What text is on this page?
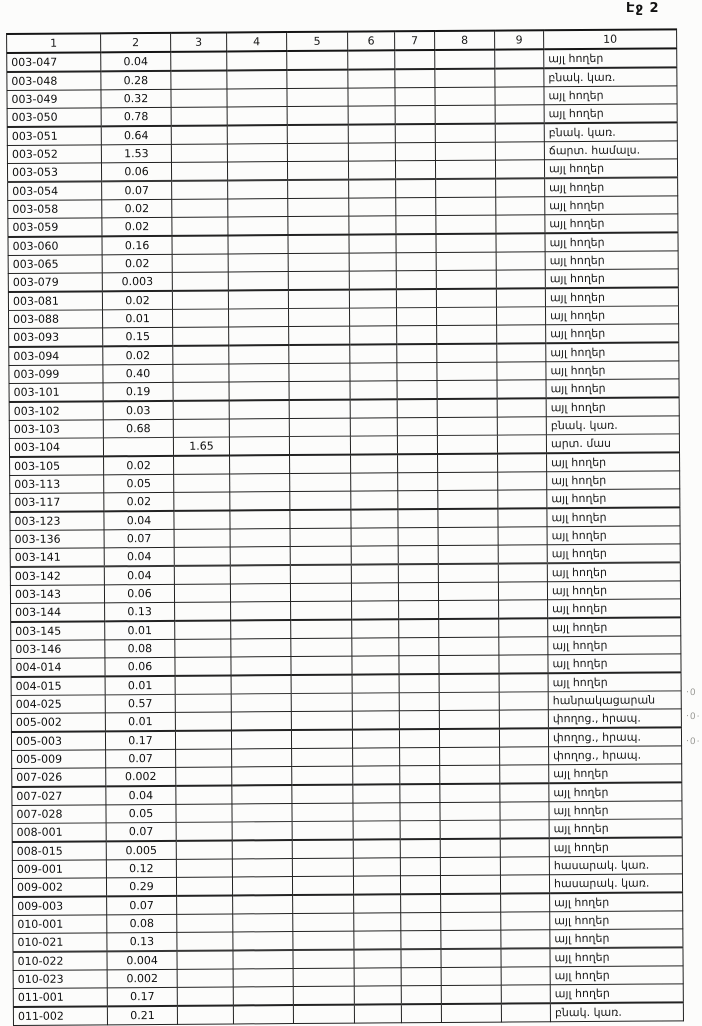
Էջ 2
1	2	3	4	5	6	7	8	9	10
003-047	0.04								այլ հողեր
003-048	0.28								բնակ. կառ.
003-049	0.32								այլ հողեր
003-050	0.78								այլ հողեր
003-051	0.64								բնակ. կառ.
003-052	1.53								ճարտ. համալս.
003-053	0.06								այլ հողեր
003-054	0.07								այլ հողեր
003-058	0.02								այլ հողեր
003-059	0.02								այլ հողեր
003-060	0.16								այլ հողեր
003-065	0.02								այլ հողեր
003-079	0.003								այլ հողեր
003-081	0.02								այլ հողեր
003-088	0.01								այլ հողեր
003-093	0.15								այլ հողեր
003-094	0.02								այլ հողեր
003-099	0.40								այլ հողեր
003-101	0.19								այլ հողեր
003-102	0.03								այլ հողեր
003-103	0.68								բնակ. կառ.
003-104		1.65							արտ. մաս
003-105	0.02								այլ հողեր
003-113	0.05								այլ հողեր
003-117	0.02								այլ հողեր
003-123	0.04								այլ հողեր
003-136	0.07								այլ հողեր
003-141	0.04								այլ հողեր
003-142	0.04								այլ հողեր
003-143	0.06								այլ հողեր
003-144	0.13								այլ հողեր
003-145	0.01								այլ հողեր
003-146	0.08								այլ հողեր
004-014	0.06								այլ հողեր
004-015	0.01								այլ հողեր
004-025	0.57								հանրակացարան
005-002	0.01								փողոց., հրապ.
005-003	0.17								փողոց., հրապ.
005-009	0.07								փողոց., հրապ.
007-026	0.002								այլ հողեր
007-027	0.04								այլ հողեր
007-028	0.05								այլ հողեր
008-001	0.07								այլ հողեր
008-015	0.005								այլ հողեր
009-001	0.12								հասարակ. կառ.
009-002	0.29								հասարակ. կառ.
009-003	0.07								այլ հողեր
010-001	0.08								այլ հողեր
010-021	0.13								այլ հողեր
010-022	0.004								այլ հողեր
010-023	0.002								այլ հողեր
011-001	0.17								այլ հողեր
011-002	0.21								բնակ. կառ.
·0
·0·
·0·
